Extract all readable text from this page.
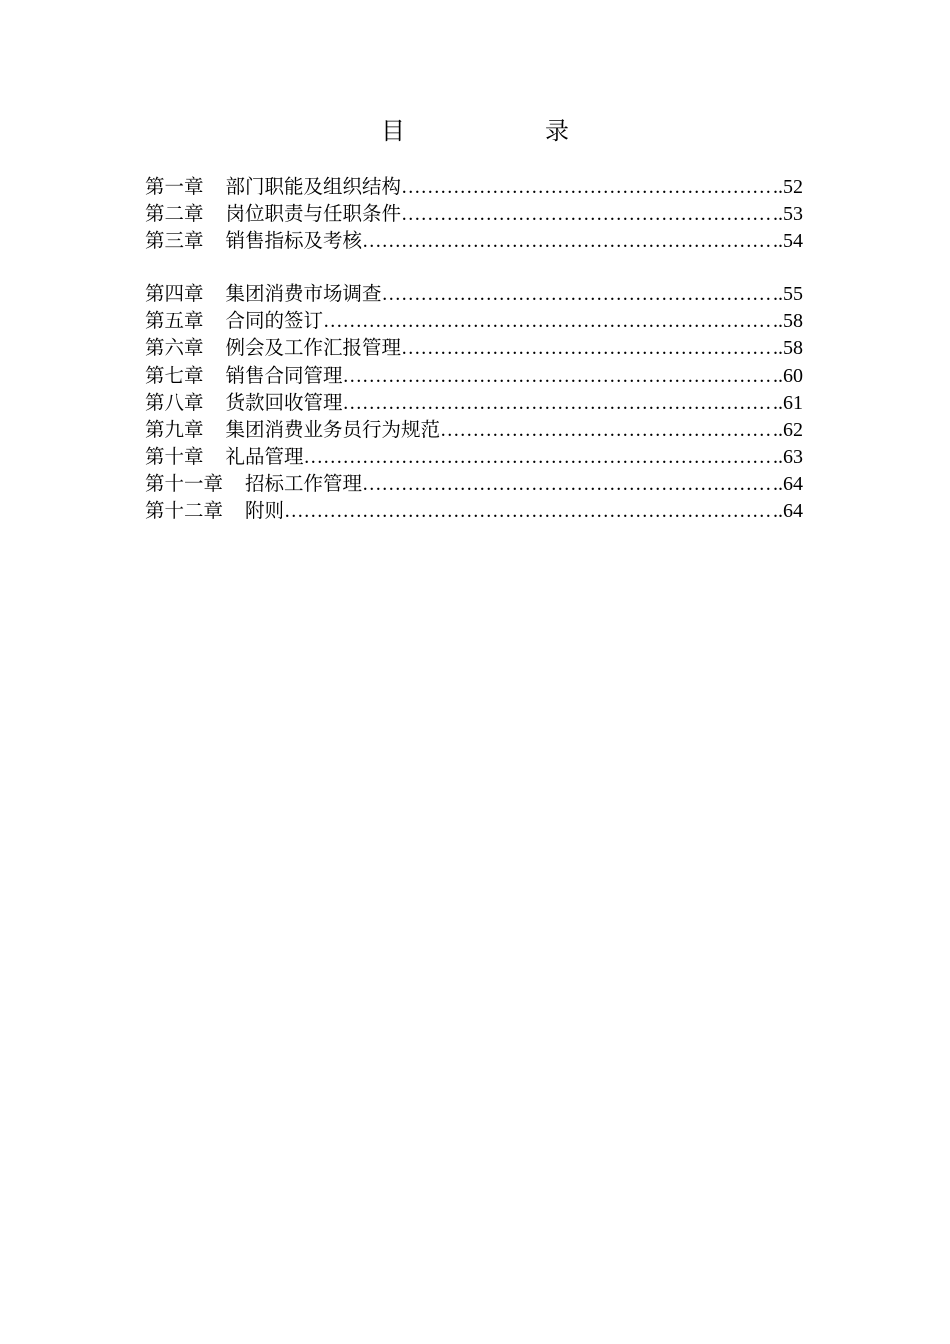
目　录
第一章 部门职能及组织结构 ……………………………………………………………………………………………………………………………………	..52
第二章 岗位职责与任职条件 ……………………………………………………………………………………………………………………………………	..53
第三章 销售指标及考核 ……………………………………………………………………………………………………………………………………	..54
第四章 集团消费市场调查 ……………………………………………………………………………………………………………………………………	..55
第五章 合同的签订 ……………………………………………………………………………………………………………………………………	..58
第六章 例会及工作汇报管理 ……………………………………………………………………………………………………………………………………	..58
第七章 销售合同管理 ……………………………………………………………………………………………………………………………………	..60
第八章 货款回收管理 ……………………………………………………………………………………………………………………………………	..61
第九章 集团消费业务员行为规范 ……………………………………………………………………………………………………………………………………	..62
第十章 礼品管理 ……………………………………………………………………………………………………………………………………	..63
第十一章 招标工作管理 ……………………………………………………………………………………………………………………………………	..64
第十二章 附则 ……………………………………………………………………………………………………………………………………	..64
